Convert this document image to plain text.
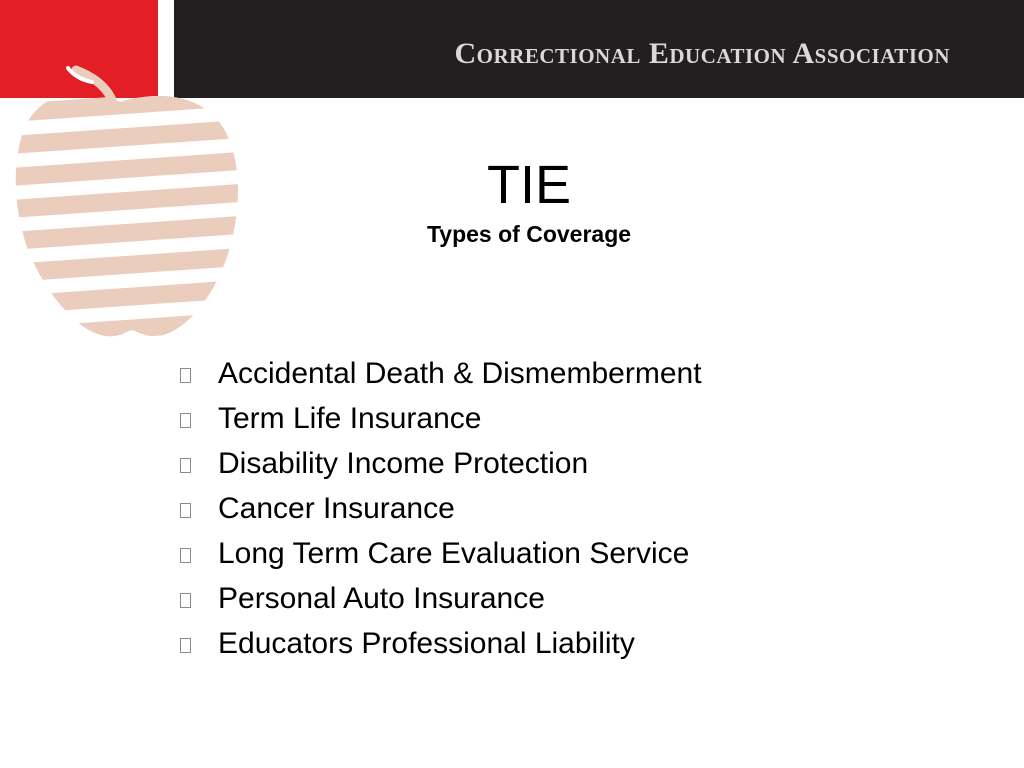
Correctional Education Association
TIE
Types of Coverage
Accidental Death & Dismemberment
Term Life Insurance
Disability Income Protection
Cancer Insurance
Long Term Care Evaluation Service
Personal Auto Insurance
Educators Professional Liability
